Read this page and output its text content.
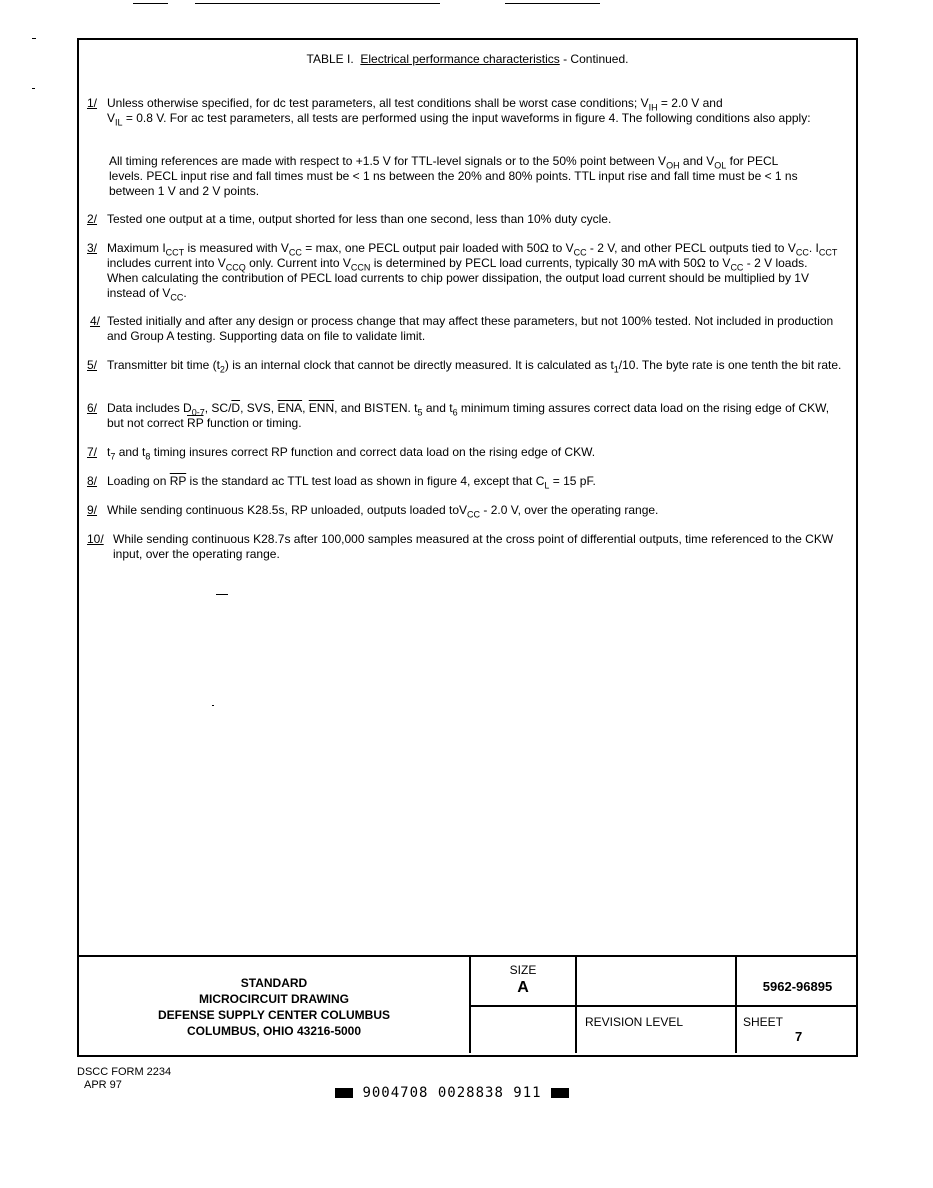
TABLE I. Electrical performance characteristics - Continued.
1/ Unless otherwise specified, for dc test parameters, all test conditions shall be worst case conditions; $V_{IH} = 2.0$ V and
$V_{IL} = 0.8$ V. For ac test parameters, all tests are performed using the input waveforms in figure 4. The following conditions also apply:
All timing references are made with respect to +1.5 V for TTL-level signals or to the 50% point between $V_{OH}$ and $V_{OL}$ for PECL levels. PECL input rise and fall times must be < 1 ns between the 20% and 80% points. TTL input rise and fall time must be < 1 ns between 1 V and 2 V points.
2/ Tested one output at a time, output shorted for less than one second, less than 10% duty cycle.
3/ Maximum $I_{CCT}$ is measured with $V_{CC} = \max$, one PECL output pair loaded with 50Ω to $V_{CC} - 2$ V, and other PECL outputs tied to $V_{CC}$. $I_{CCT}$ includes current into $V_{CCQ}$ only. Current into $V_{CCN}$ is determined by PECL load currents, typically 30 mA with 50Ω to $V_{CC} - 2$ V loads. When calculating the contribution of PECL load currents to chip power dissipation, the output load current should be multiplied by 1V instead of $V_{CC}$.
4/ Tested initially and after any design or process change that may affect these parameters, but not 100% tested. Not included in production and Group A testing. Supporting data on file to validate limit.
5/ Transmitter bit time $(t_2)$ is an internal clock that cannot be directly measured. It is calculated as $t_1/10$. The byte rate is one tenth the bit rate.
6/ Data includes $D_{0-7}$, $SC/\overline{D}$, SVS, $\overline{ENA}$, $\overline{ENN}$, and BISTEN. $t_5$ and $t_6$ minimum timing assures correct data load on the rising edge of CKW, but not correct $\overline{RP}$ function or timing.
7/ $t_7$ and $t_8$ timing insures correct RP function and correct data load on the rising edge of CKW.
8/ Loading on $\overline{RP}$ is the standard ac TTL test load as shown in figure 4, except that $C_L = 15$ pF.
9/ While sending continuous K28.5s, RP unloaded, outputs loaded toV$_{CC}$ - 2.0 V, over the operating range.
10/ While sending continuous K28.7s after 100,000 samples measured at the cross point of differential outputs, time referenced to the CKW input, over the operating range.
STANDARD
MICROCIRCUIT DRAWING
DEFENSE SUPPLY CENTER COLUMBUS
COLUMBUS, OHIO 43216-5000
SIZE
A
REVISION LEVEL
5962-96895
SHEET
7
DSCC FORM 2234
APR 97	9004708 0028838 911
